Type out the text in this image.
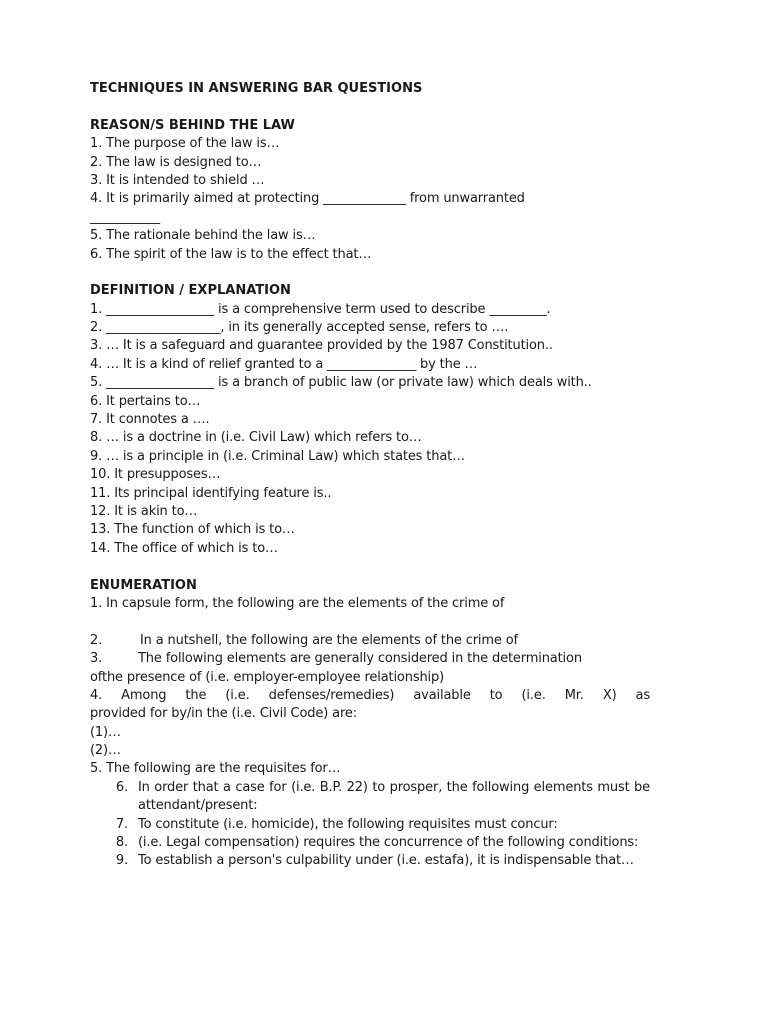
TECHNIQUES IN ANSWERING BAR QUESTIONS
REASON/S BEHIND THE LAW
1. The purpose of the law is…
2. The law is designed to…
3. It is intended to shield …
4. It is primarily aimed at protecting _____________ from unwarranted
___________
5. The rationale behind the law is…
6. The spirit of the law is to the effect that…
DEFINITION / EXPLANATION
1. _________________ is a comprehensive term used to describe _________.
2. __________________, in its generally accepted sense, refers to ….
3. … It is a safeguard and guarantee provided by the 1987 Constitution..
4. … It is a kind of relief granted to a ______________ by the …
5. _________________ is a branch of public law (or private law) which deals with..
6. It pertains to…
7. It connotes a ….
8. … is a doctrine in (i.e. Civil Law) which refers to…
9. … is a principle in (i.e. Criminal Law) which states that…
10. It presupposes…
11. Its principal identifying feature is..
12. It is akin to…
13. The function of which is to…
14. The office of which is to…
ENUMERATION
1. In capsule form, the following are the elements of the crime of
2.	In a nutshell, the following are the elements of the crime of
3.	The following elements are generally considered in the determination
ofthe presence of (i.e. employer-employee relationship)
4. Among the (i.e. defenses/remedies) available to (i.e. Mr. X) as
provided for by/in the (i.e. Civil Code) are:
(1)…
(2)…
5. The following are the requisites for…
6. In order that a case for (i.e. B.P. 22) to prosper, the following elements must be attendant/present:
7. To constitute (i.e. homicide), the following requisites must concur:
8. (i.e. Legal compensation) requires the concurrence of the following conditions:
9. To establish a person's culpability under (i.e. estafa), it is indispensable that…
